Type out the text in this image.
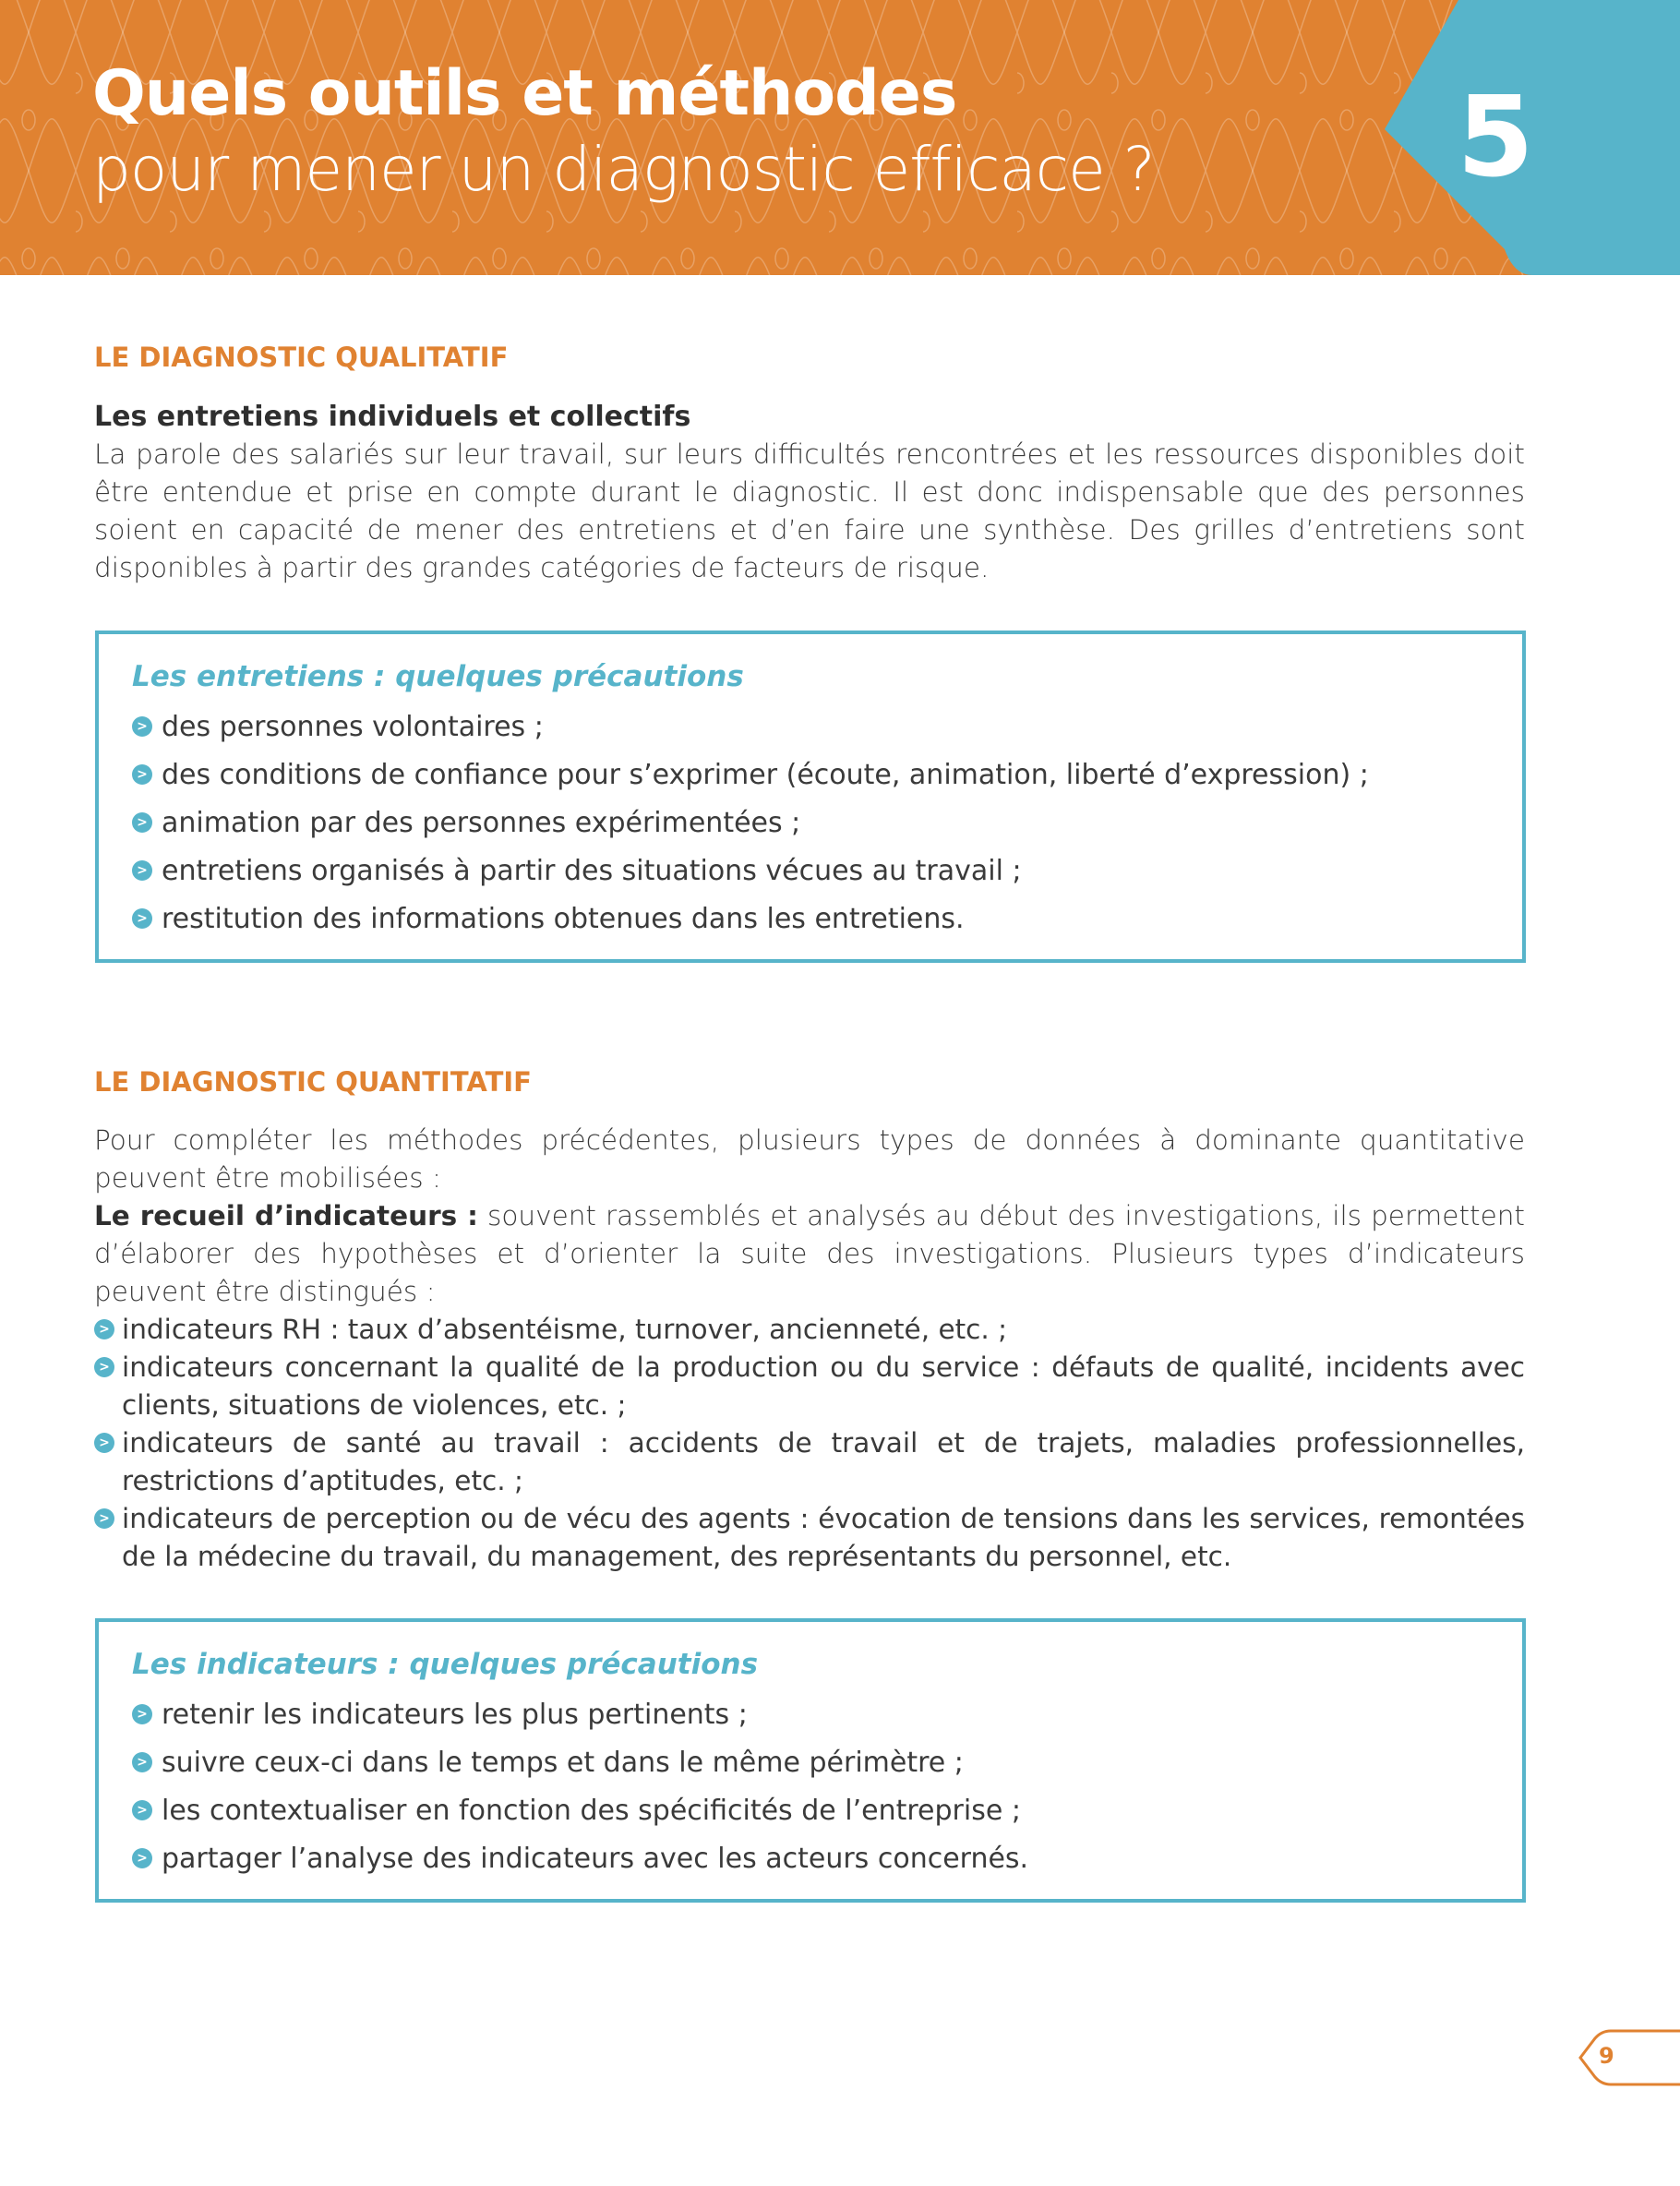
Quels outils et méthodes
pour mener un diagnostic efficace ?	5
LE DIAGNOSTIC QUALITATIF
Les entretiens individuels et collectifs
La parole des salariés sur leur travail, sur leurs difficultés rencontrées et les ressources disponibles doit être entendue et prise en compte durant le diagnostic. Il est donc indispensable que des personnes soient en capacité de mener des entretiens et d’en faire une synthèse. Des grilles d’entretiens sont disponibles à partir des grandes catégories de facteurs de risque.
Les entretiens : quelques précautions
> des personnes volontaires ;
> des conditions de confiance pour s’exprimer (écoute, animation, liberté d’expression) ;
> animation par des personnes expérimentées ;
> entretiens organisés à partir des situations vécues au travail ;
> restitution des informations obtenues dans les entretiens.
LE DIAGNOSTIC QUANTITATIF
Pour compléter les méthodes précédentes, plusieurs types de données à dominante quantitative peuvent être mobilisées :
Le recueil d’indicateurs : souvent rassemblés et analysés au début des investigations, ils permettent d’élaborer des hypothèses et d’orienter la suite des investigations. Plusieurs types d’indicateurs peuvent être distingués :
> indicateurs RH : taux d’absentéisme, turnover, ancienneté, etc. ;
> indicateurs concernant la qualité de la production ou du service : défauts de qualité, incidents avec clients, situations de violences, etc. ;
> indicateurs de santé au travail : accidents de travail et de trajets, maladies professionnelles, restrictions d’aptitudes, etc. ;
> indicateurs de perception ou de vécu des agents : évocation de tensions dans les services, remontées de la médecine du travail, du management, des représentants du personnel, etc.
Les indicateurs : quelques précautions
> retenir les indicateurs les plus pertinents ;
> suivre ceux-ci dans le temps et dans le même périmètre ;
> les contextualiser en fonction des spécificités de l’entreprise ;
> partager l’analyse des indicateurs avec les acteurs concernés.
9
